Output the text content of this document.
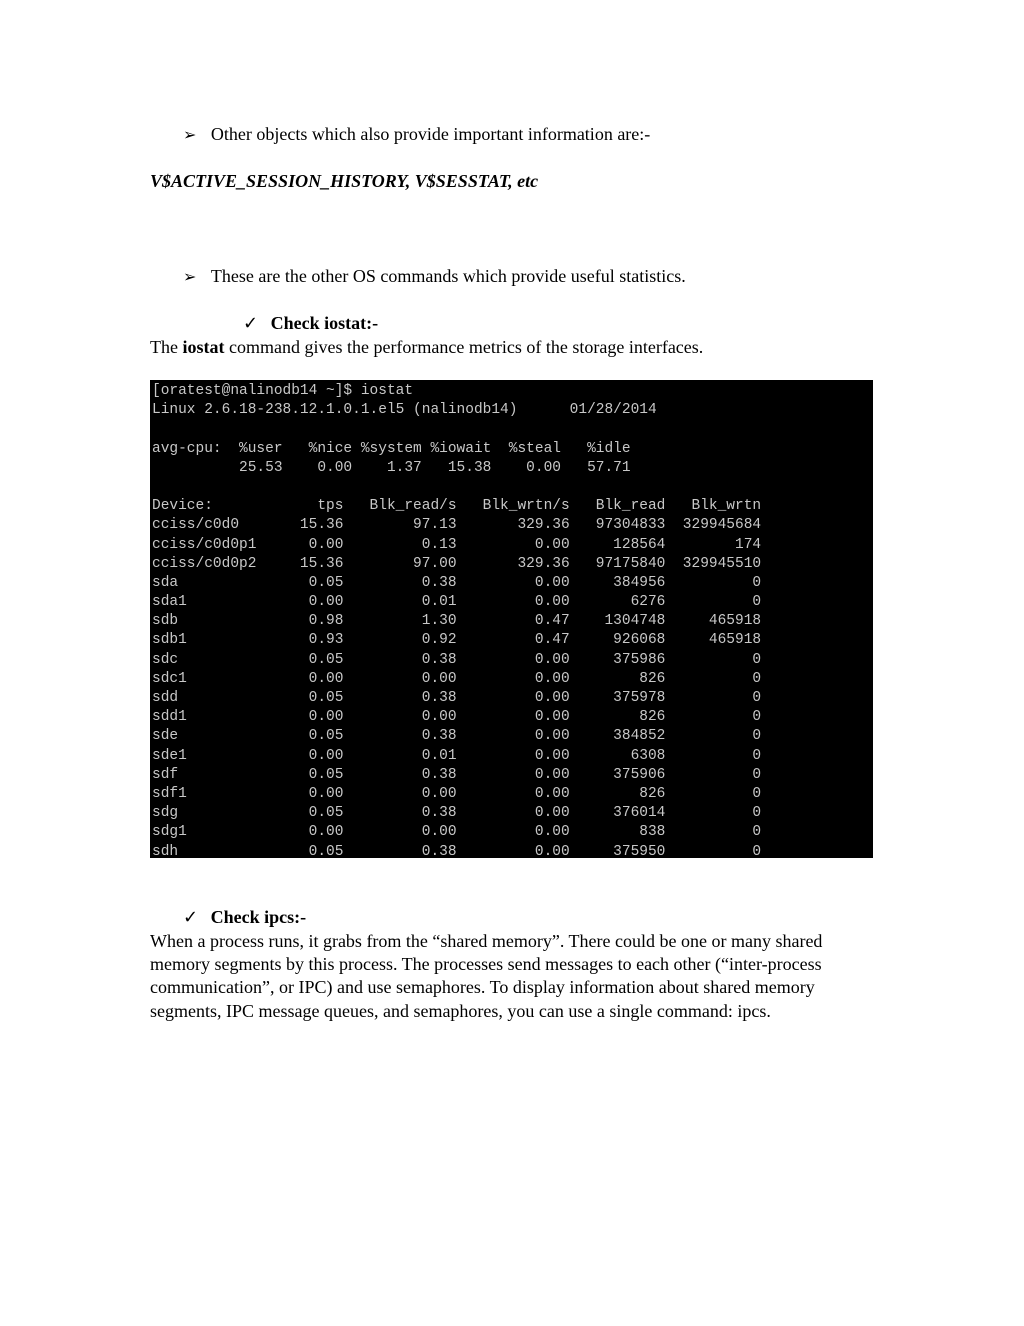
➢ Other objects which also provide important information are:-
V$ACTIVE_SESSION_HISTORY, V$SESSTAT, etc
➢ These are the other OS commands which provide useful statistics.
✓ Check iostat:-
The iostat command gives the performance metrics of the storage interfaces.
[oratest@nalinodb14 ~]$ iostat
Linux 2.6.18-238.12.1.0.1.el5 (nalinodb14)      01/28/2014
avg-cpu:  %user   %nice %system %iowait  %steal   %idle
25.53    0.00    1.37   15.38    0.00   57.71
Device:            tps   Blk_read/s   Blk_wrtn/s   Blk_read   Blk_wrtn
cciss/c0d0       15.36        97.13       329.36   97304833  329945684
cciss/c0d0p1      0.00         0.13         0.00     128564        174
cciss/c0d0p2     15.36        97.00       329.36   97175840  329945510
sda               0.05         0.38         0.00     384956          0
sda1              0.00         0.01         0.00       6276          0
sdb               0.98         1.30         0.47    1304748     465918
sdb1              0.93         0.92         0.47     926068     465918
sdc               0.05         0.38         0.00     375986          0
sdc1              0.00         0.00         0.00        826          0
sdd               0.05         0.38         0.00     375978          0
sdd1              0.00         0.00         0.00        826          0
sde               0.05         0.38         0.00     384852          0
sde1              0.00         0.01         0.00       6308          0
sdf               0.05         0.38         0.00     375906          0
sdf1              0.00         0.00         0.00        826          0
sdg               0.05         0.38         0.00     376014          0
sdg1              0.00         0.00         0.00        838          0
sdh               0.05         0.38         0.00     375950          0
✓ Check ipcs:-
When a process runs, it grabs from the “shared memory”. There could be one or many shared memory segments by this process. The processes send messages to each other (“inter-process communication”, or IPC) and use semaphores. To display information about shared memory segments, IPC message queues, and semaphores, you can use a single command: ipcs.
